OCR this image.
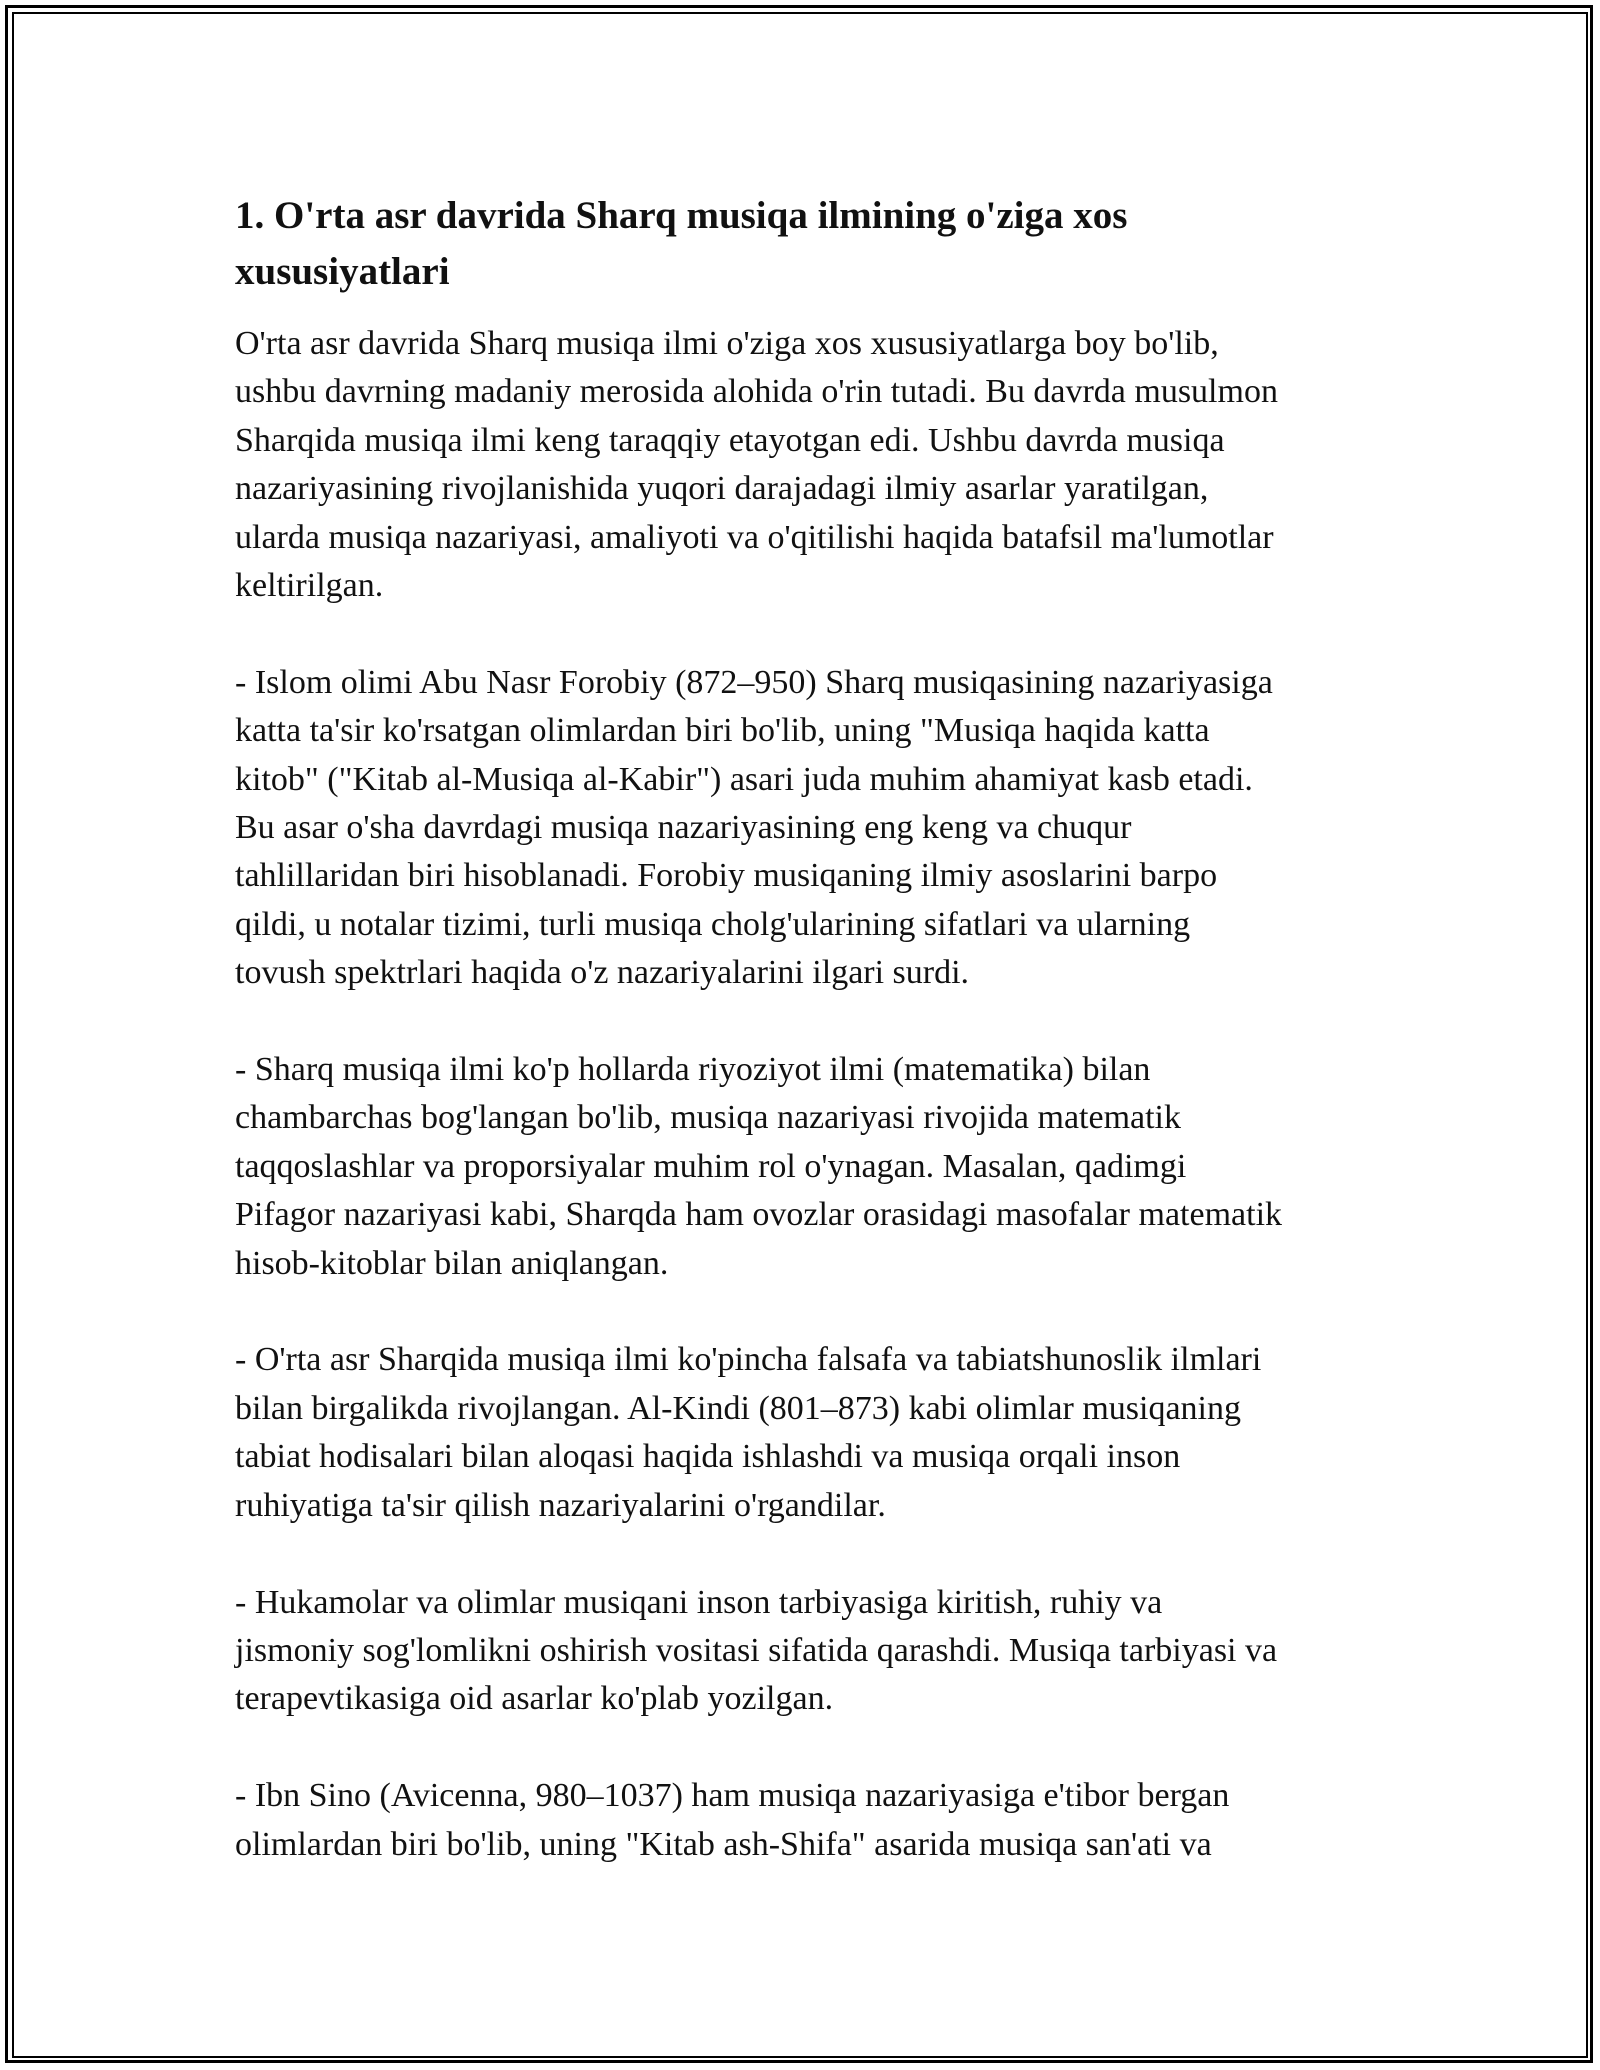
1. O'rta asr davrida Sharq musiqa ilmining o'ziga xos
xususiyatlari

O'rta asr davrida Sharq musiqa ilmi o'ziga xos xususiyatlarga boy bo'lib,
ushbu davrning madaniy merosida alohida o'rin tutadi. Bu davrda musulmon
Sharqida musiqa ilmi keng taraqqiy etayotgan edi. Ushbu davrda musiqa
nazariyasining rivojlanishida yuqori darajadagi ilmiy asarlar yaratilgan,
ularda musiqa nazariyasi, amaliyoti va o'qitilishi haqida batafsil ma'lumotlar
keltirilgan.

- Islom olimi Abu Nasr Forobiy (872–950) Sharq musiqasining nazariyasiga
katta ta'sir ko'rsatgan olimlardan biri bo'lib, uning "Musiqa haqida katta
kitob" ("Kitab al-Musiqa al-Kabir") asari juda muhim ahamiyat kasb etadi.
Bu asar o'sha davrdagi musiqa nazariyasining eng keng va chuqur
tahlillaridan biri hisoblanadi. Forobiy musiqaning ilmiy asoslarini barpo
qildi, u notalar tizimi, turli musiqa cholg'ularining sifatlari va ularning
tovush spektrlari haqida o'z nazariyalarini ilgari surdi.

- Sharq musiqa ilmi ko'p hollarda riyoziyot ilmi (matematika) bilan
chambarchas bog'langan bo'lib, musiqa nazariyasi rivojida matematik
taqqoslashlar va proporsiyalar muhim rol o'ynagan. Masalan, qadimgi
Pifagor nazariyasi kabi, Sharqda ham ovozlar orasidagi masofalar matematik
hisob-kitoblar bilan aniqlangan.

- O'rta asr Sharqida musiqa ilmi ko'pincha falsafa va tabiatshunoslik ilmlari
bilan birgalikda rivojlangan. Al-Kindi (801–873) kabi olimlar musiqaning
tabiat hodisalari bilan aloqasi haqida ishlashdi va musiqa orqali inson
ruhiyatiga ta'sir qilish nazariyalarini o'rgandilar.

- Hukamolar va olimlar musiqani inson tarbiyasiga kiritish, ruhiy va
jismoniy sog'lomlikni oshirish vositasi sifatida qarashdi. Musiqa tarbiyasi va
terapevtikasiga oid asarlar ko'plab yozilgan.

- Ibn Sino (Avicenna, 980–1037) ham musiqa nazariyasiga e'tibor bergan
olimlardan biri bo'lib, uning "Kitab ash-Shifa" asarida musiqa san'ati va
